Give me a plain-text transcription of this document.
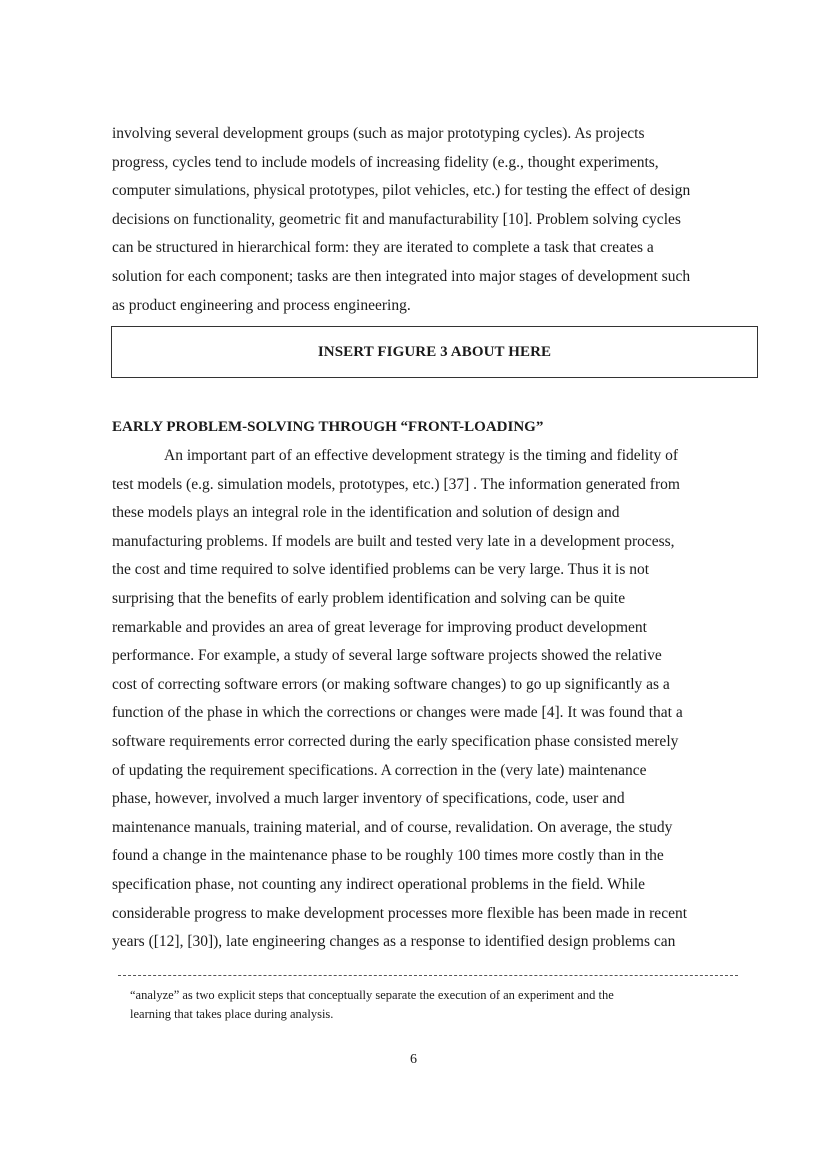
involving several development groups (such as major prototyping cycles). As projects
progress, cycles tend to include models of increasing fidelity (e.g., thought experiments,
computer simulations, physical prototypes, pilot vehicles, etc.) for testing the effect of design
decisions on functionality, geometric fit and manufacturability [10]. Problem solving cycles
can be structured in hierarchical form: they are iterated to complete a task that creates a
solution for each component; tasks are then integrated into major stages of development such
as product engineering and process engineering.
INSERT FIGURE 3 ABOUT HERE
EARLY PROBLEM-SOLVING THROUGH “FRONT-LOADING”
An important part of an effective development strategy is the timing and fidelity of
test models (e.g. simulation models, prototypes, etc.) [37] . The information generated from
these models plays an integral role in the identification and solution of design and
manufacturing problems. If models are built and tested very late in a development process,
the cost and time required to solve identified problems can be very large. Thus it is not
surprising that the benefits of early problem identification and solving can be quite
remarkable and provides an area of great leverage for improving product development
performance. For example, a study of several large software projects showed the relative
cost of correcting software errors (or making software changes) to go up significantly as a
function of the phase in which the corrections or changes were made [4]. It was found that a
software requirements error corrected during the early specification phase consisted merely
of updating the requirement specifications. A correction in the (very late) maintenance
phase, however, involved a much larger inventory of specifications, code, user and
maintenance manuals, training material, and of course, revalidation. On average, the study
found a change in the maintenance phase to be roughly 100 times more costly than in the
specification phase, not counting any indirect operational problems in the field. While
considerable progress to make development processes more flexible has been made in recent
years ([12], [30]), late engineering changes as a response to identified design problems can
“analyze” as two explicit steps that conceptually separate the execution of an experiment and the
learning that takes place during analysis.
6
